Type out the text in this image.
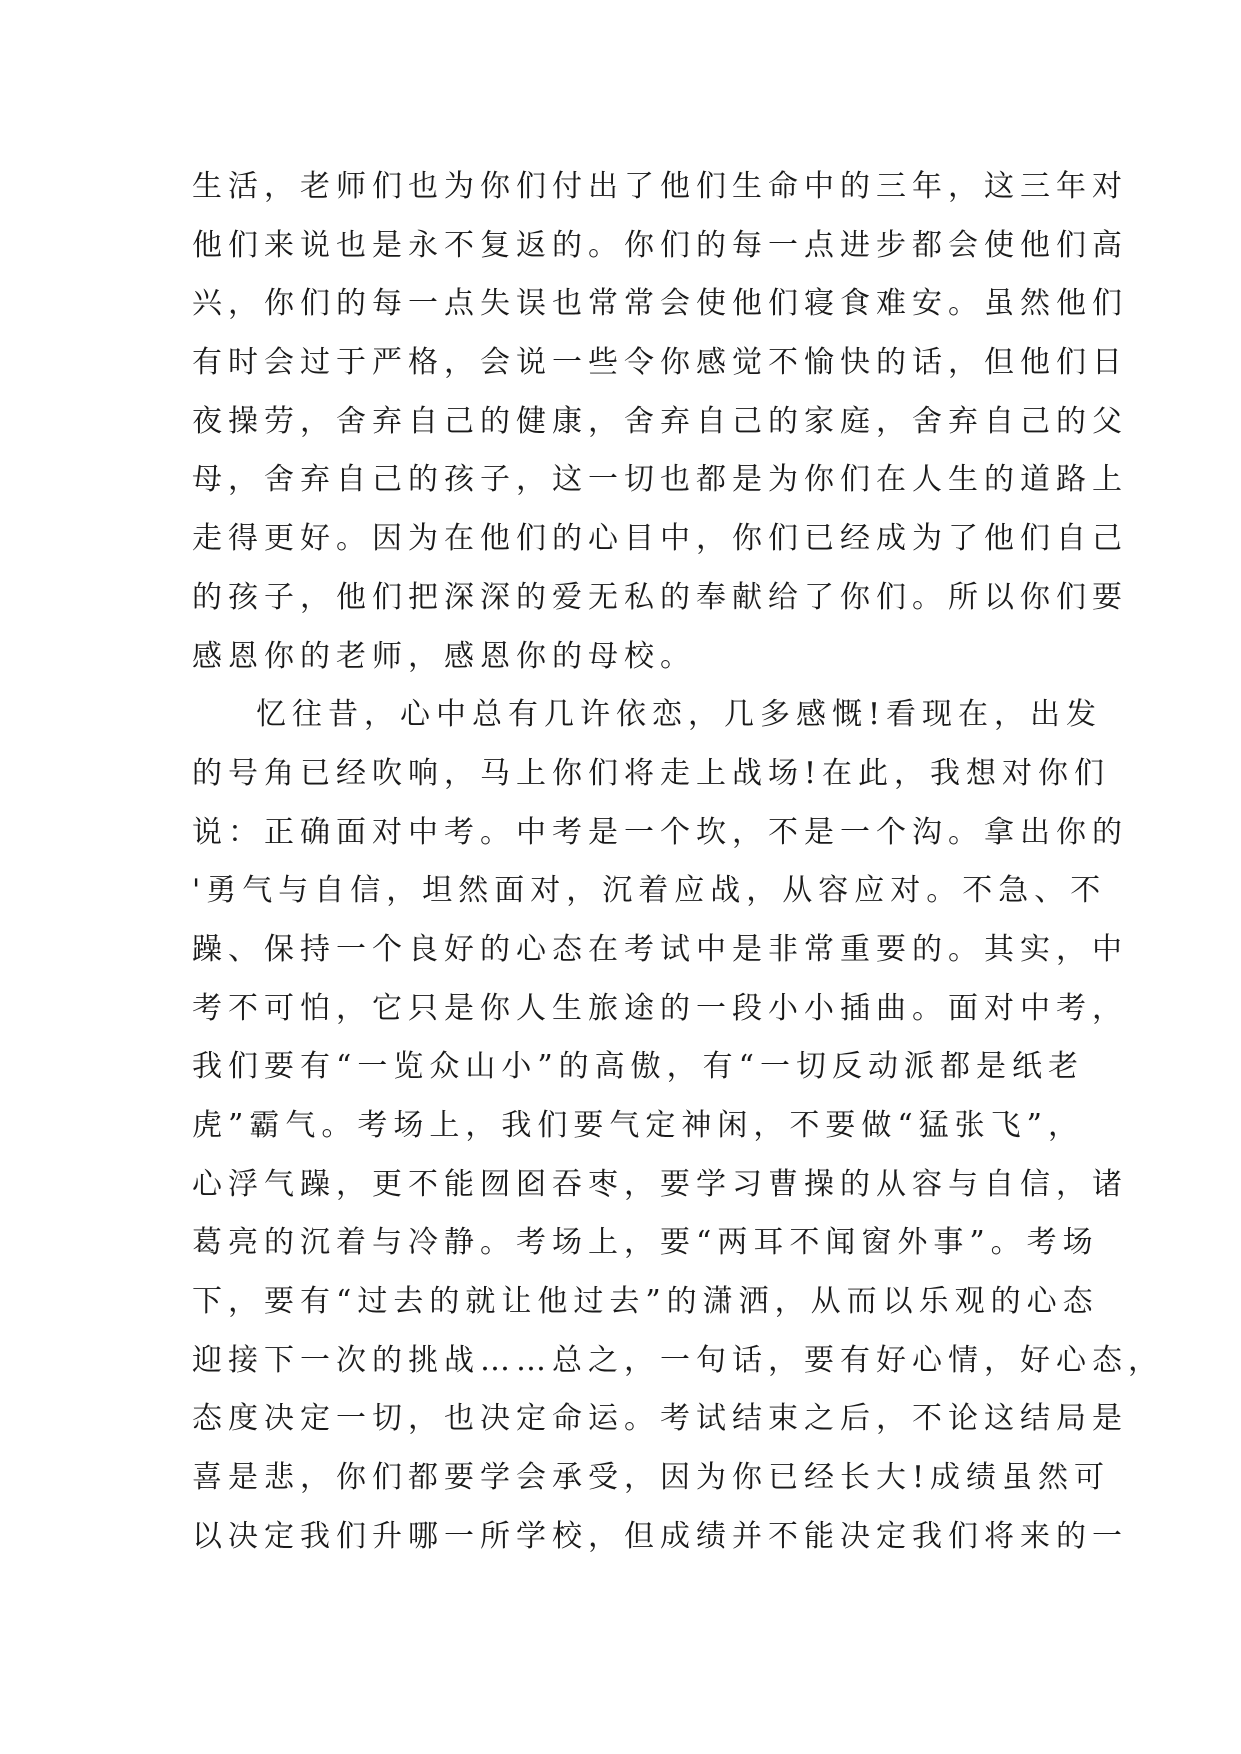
生活，老师们也为你们付出了他们生命中的三年，这三年对
他们来说也是永不复返的。你们的每一点进步都会使他们高
兴，你们的每一点失误也常常会使他们寝食难安。虽然他们
有时会过于严格，会说一些令你感觉不愉快的话，但他们日
夜操劳，舍弃自己的健康，舍弃自己的家庭，舍弃自己的父
母，舍弃自己的孩子，这一切也都是为你们在人生的道路上
走得更好。因为在他们的心目中，你们已经成为了他们自己
的孩子，他们把深深的爱无私的奉献给了你们。所以你们要
感恩你的老师，感恩你的母校。
忆往昔，心中总有几许依恋，几多感慨!看现在，出发
的号角已经吹响，马上你们将走上战场!在此，我想对你们
说：正确面对中考。中考是一个坎，不是一个沟。拿出你的
'勇气与自信，坦然面对，沉着应战，从容应对。不急、不
躁、保持一个良好的心态在考试中是非常重要的。其实，中
考不可怕，它只是你人生旅途的一段小小插曲。面对中考，
我们要有“一览众山小”的高傲，有“一切反动派都是纸老
虎”霸气。考场上，我们要气定神闲，不要做“猛张飞”，
心浮气躁，更不能囫囵吞枣，要学习曹操的从容与自信，诸
葛亮的沉着与冷静。考场上，要“两耳不闻窗外事”。考场
下，要有“过去的就让他过去”的潇洒，从而以乐观的心态
迎接下一次的挑战……总之，一句话，要有好心情，好心态，
态度决定一切，也决定命运。考试结束之后，不论这结局是
喜是悲，你们都要学会承受，因为你已经长大!成绩虽然可
以决定我们升哪一所学校，但成绩并不能决定我们将来的一
